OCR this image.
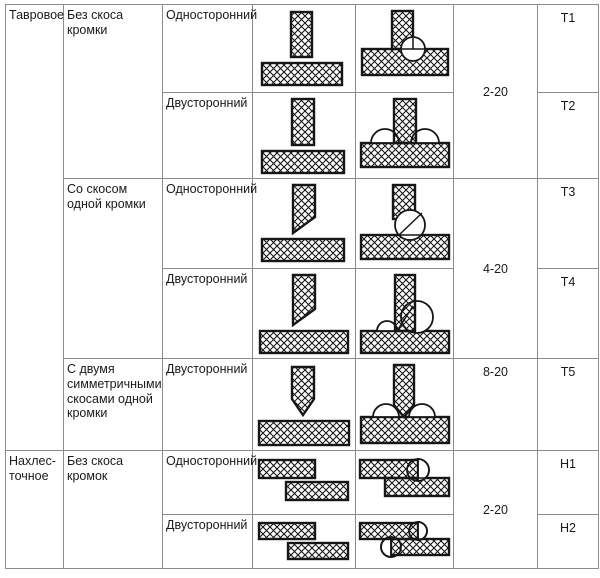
Тавровое	Без скоса кромки	Односторонний			2-20	Т1
		Двусторонний				Т2
	Со скосом одной кромки	Односторонний			4-20	Т3
		Двусторонний				Т4
	С двумя симметричными скосами одной кромки	Двусторонний			8-20	Т5
Нахлес- точное	Без скоса кромок	Односторонний			2-20	Н1
		Двусторонний				Н2
